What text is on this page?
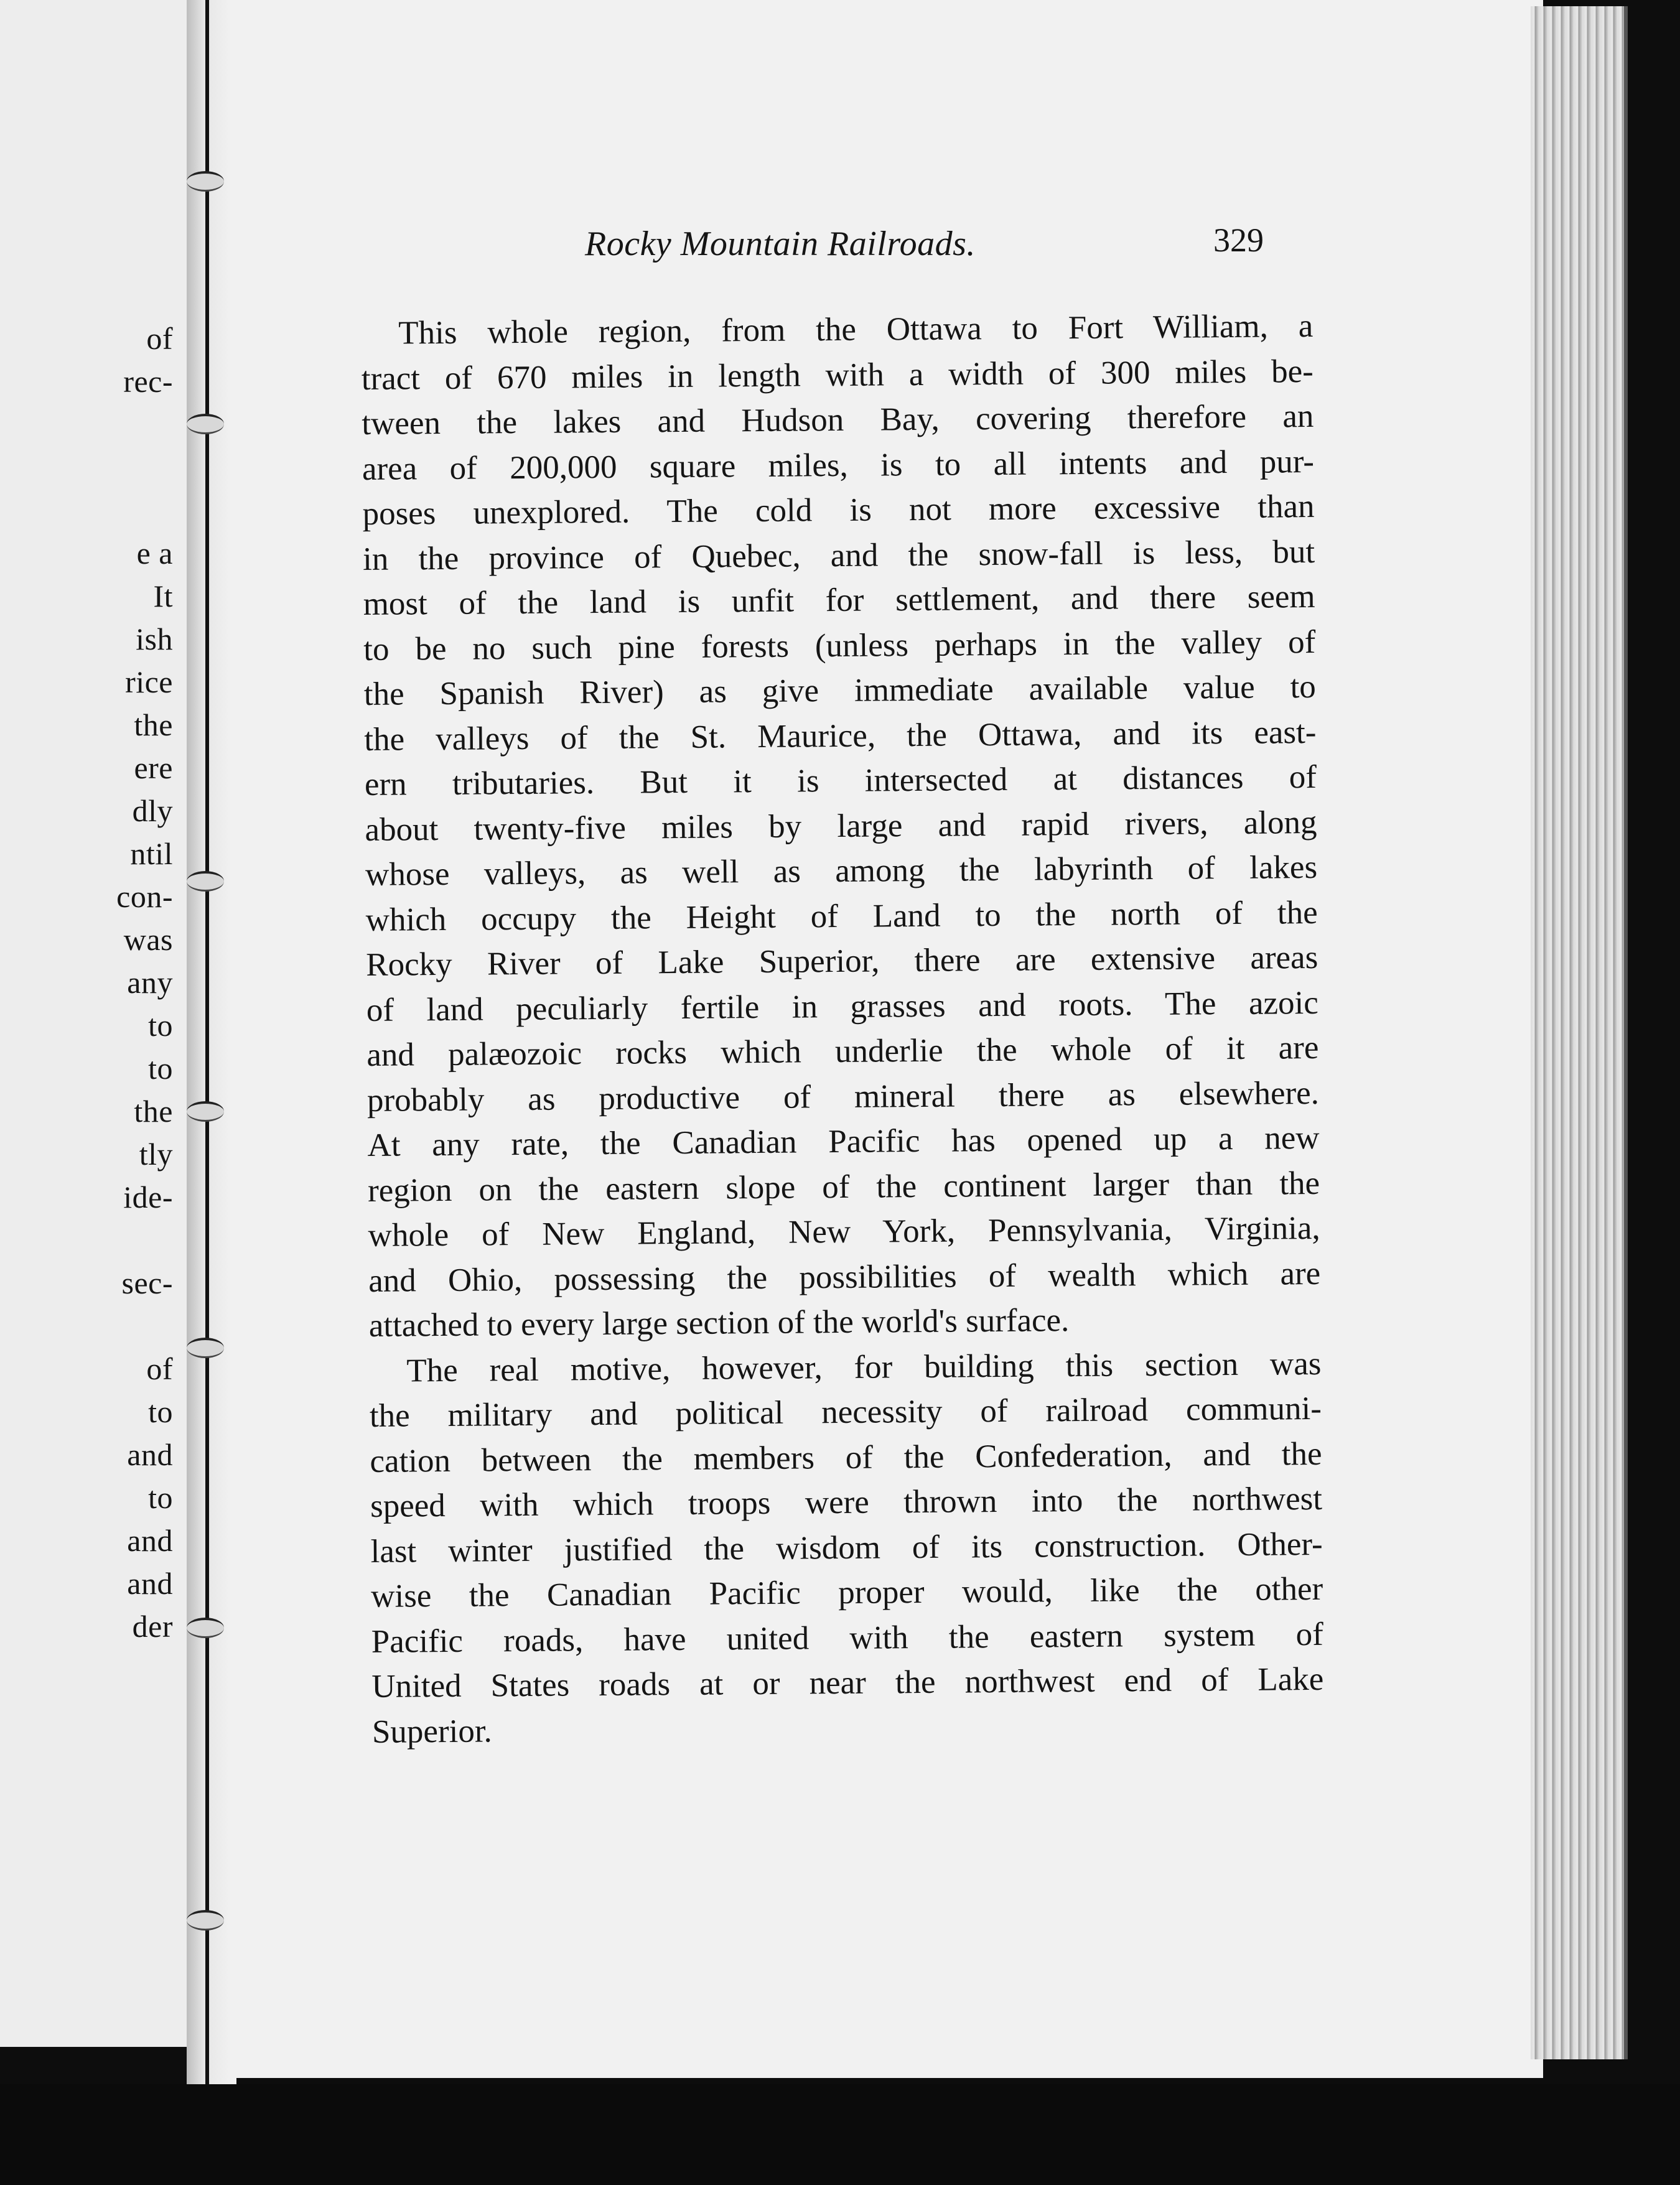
of
rec-
e a
It
ish
rice
the
ere
dly
ntil
con-
was
any
to
to
the
tly
ide-
sec-
of
to
and
to
and
and
der
Rocky Mountain Railroads.	329
This whole region, from the Ottawa to Fort William, a
tract of 670 miles in length with a width of 300 miles be-
tween the lakes and Hudson Bay, covering therefore an
area of 200,000 square miles, is to all intents and pur-
poses unexplored. The cold is not more excessive than
in the province of Quebec, and the snow-fall is less, but
most of the land is unfit for settlement, and there seem
to be no such pine forests (unless perhaps in the valley of
the Spanish River) as give immediate available value to
the valleys of the St. Maurice, the Ottawa, and its east-
ern tributaries. But it is intersected at distances of
about twenty-five miles by large and rapid rivers, along
whose valleys, as well as among the labyrinth of lakes
which occupy the Height of Land to the north of the
Rocky River of Lake Superior, there are extensive areas
of land peculiarly fertile in grasses and roots. The azoic
and palæozoic rocks which underlie the whole of it are
probably as productive of mineral there as elsewhere.
At any rate, the Canadian Pacific has opened up a new
region on the eastern slope of the continent larger than the
whole of New England, New York, Pennsylvania, Virginia,
and Ohio, possessing the possibilities of wealth which are
attached to every large section of the world's surface.
The real motive, however, for building this section was
the military and political necessity of railroad communi-
cation between the members of the Confederation, and the
speed with which troops were thrown into the northwest
last winter justified the wisdom of its construction. Other-
wise the Canadian Pacific proper would, like the other
Pacific roads, have united with the eastern system of
United States roads at or near the northwest end of Lake
Superior.
